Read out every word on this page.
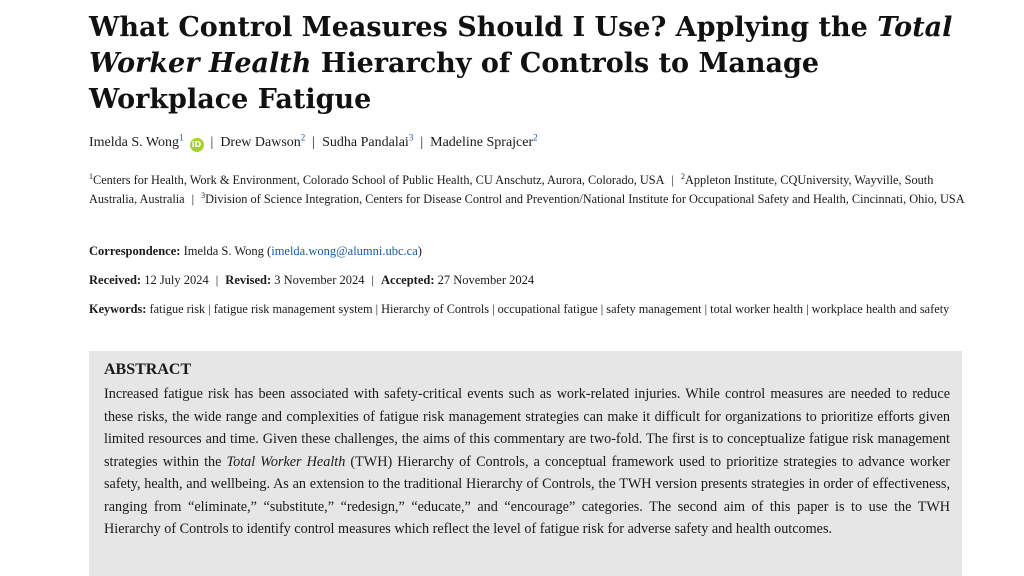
What Control Measures Should I Use? Applying the Total Worker Health Hierarchy of Controls to Manage Workplace Fatigue
Imelda S. Wong$^1$iD | Drew Dawson$^2$ | Sudha Pandalai$^3$ | Madeline Sprajcer$^2$
$^1$Centers for Health, Work & Environment, Colorado School of Public Health, CU Anschutz, Aurora, Colorado, USA | $^2$Appleton Institute, CQUniversity, Wayville, South Australia, Australia | $^3$Division of Science Integration, Centers for Disease Control and Prevention/National Institute for Occupational Safety and Health, Cincinnati, Ohio, USA
Correspondence: Imelda S. Wong (imelda.wong@alumni.ubc.ca)
Received: 12 July 2024 | Revised: 3 November 2024 | Accepted: 27 November 2024
Keywords: fatigue risk | fatigue risk management system | Hierarchy of Controls | occupational fatigue | safety management | total worker health | workplace health and safety
ABSTRACT

Increased fatigue risk has been associated with safety-critical events such as work-related injuries. While control measures are needed to reduce these risks, the wide range and complexities of fatigue risk management strategies can make it difficult for organizations to prioritize efforts given limited resources and time. Given these challenges, the aims of this commentary are two-fold. The first is to conceptualize fatigue risk management strategies within the Total Worker Health (TWH) Hierarchy of Controls, a conceptual framework used to prioritize strategies to advance worker safety, health, and wellbeing. As an extension to the traditional Hierarchy of Controls, the TWH version presents strategies in order of effectiveness, ranging from “eliminate,” “substitute,” “redesign,” “educate,” and “encourage” categories. The second aim of this paper is to use the TWH Hierarchy of Controls to identify control measures which reflect the level of fatigue risk for adverse safety and health outcomes.
